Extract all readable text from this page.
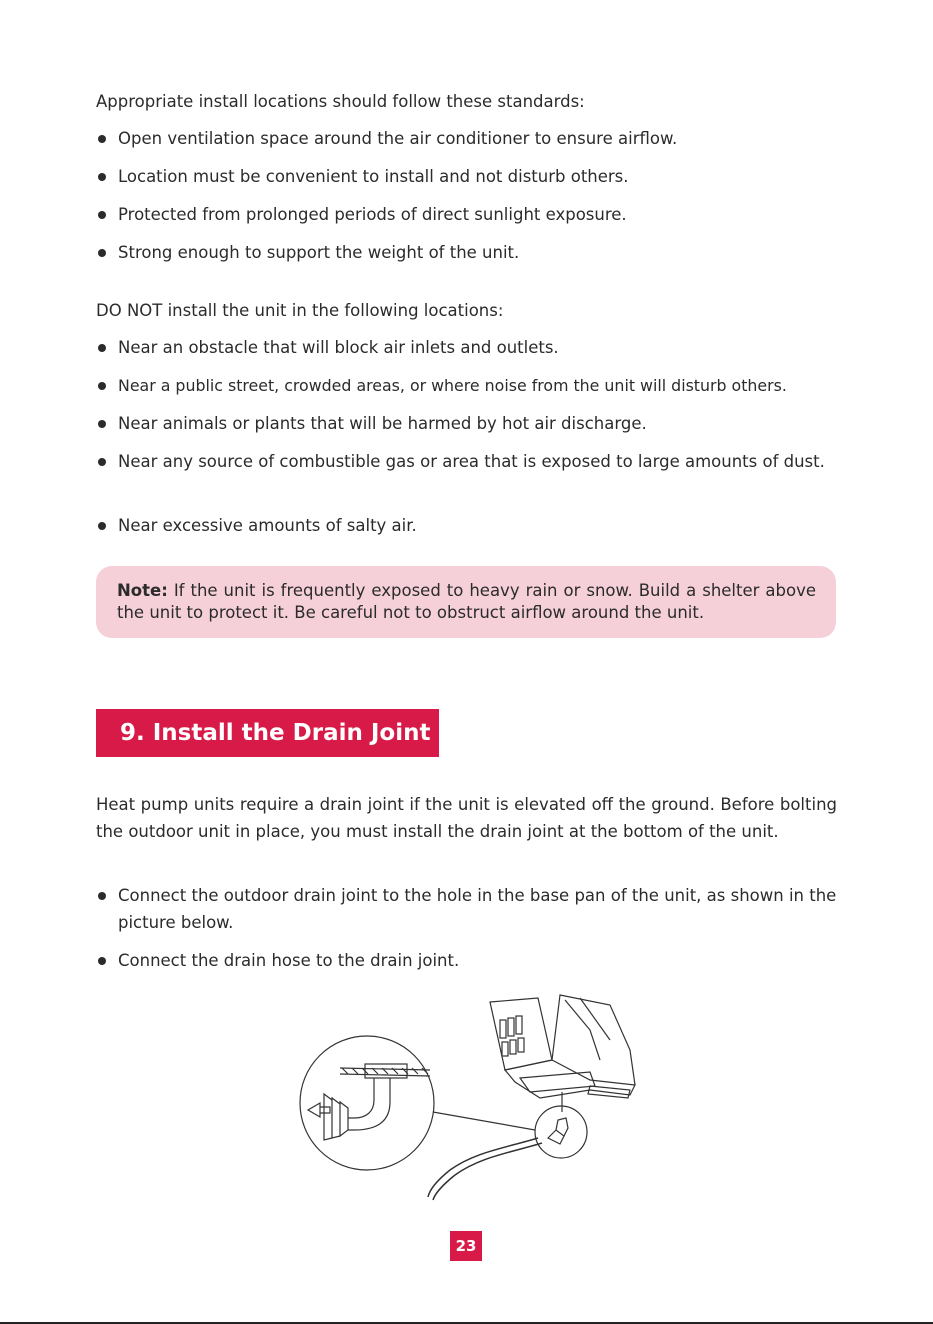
Appropriate install locations should follow these standards:
Open ventilation space around the air conditioner to ensure airflow.
Location must be convenient to install and not disturb others.
Protected from prolonged periods of direct sunlight exposure.
Strong enough to support the weight of the unit.
DO NOT install the unit in the following locations:
Near an obstacle that will block air inlets and outlets.
Near a public street, crowded areas, or where noise from the unit will disturb others.
Near animals or plants that will be harmed by hot air discharge.
Near any source of combustible gas or area that is exposed to large amounts of dust.
Near excessive amounts of salty air.
Note: If the unit is frequently exposed to heavy rain or snow. Build a shelter above the unit to protect it. Be careful not to obstruct airflow around the unit.
9. Install the Drain Joint
Heat pump units require a drain joint if the unit is elevated off the ground. Before bolting the outdoor unit in place, you must install the drain joint at the bottom of the unit.
Connect the outdoor drain joint to the hole in the base pan of the unit, as shown in the picture below.
Connect the drain hose to the drain joint.
23
